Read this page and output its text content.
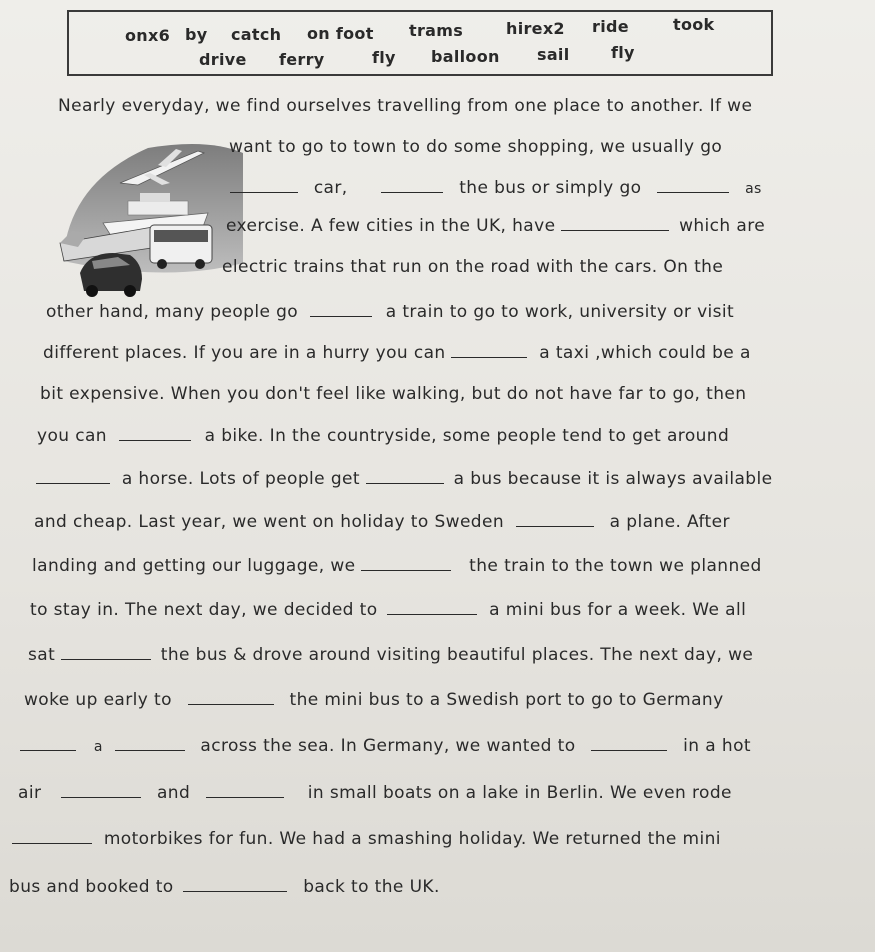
onx6 by catch on foot trams	hirex2 ride	took
drive ferry	fly balloon sail	fly
Nearly everyday, we find ourselves travelling from one place to another. If we
want to go to town to do some shopping, we usually go
car,	the bus or simply go	as
exercise. A few cities in the UK, have	which are
electric trains that run on the road with the cars. On the
other hand, many people go	a train to go to work, university or visit
different places. If you are in a hurry you can	a taxi ,which could be a
bit expensive. When you don't feel like walking, but do not have far to go, then
you can	a bike. In the countryside, some people tend to get around
a horse. Lots of people get	a bus because it is always available
and cheap. Last year, we went on holiday to Sweden	a plane. After
landing and getting our luggage, we	the train to the town we planned
to stay in. The next day, we decided to	a mini bus for a week. We all
sat	the bus & drove around visiting beautiful places. The next day, we
woke up early to	the mini bus to a Swedish port to go to Germany
a	across the sea. In Germany, we wanted to	in a hot
air	and	in small boats on a lake in Berlin. We even rode
motorbikes for fun. We had a smashing holiday. We returned the mini
bus and booked to	back to the UK.
